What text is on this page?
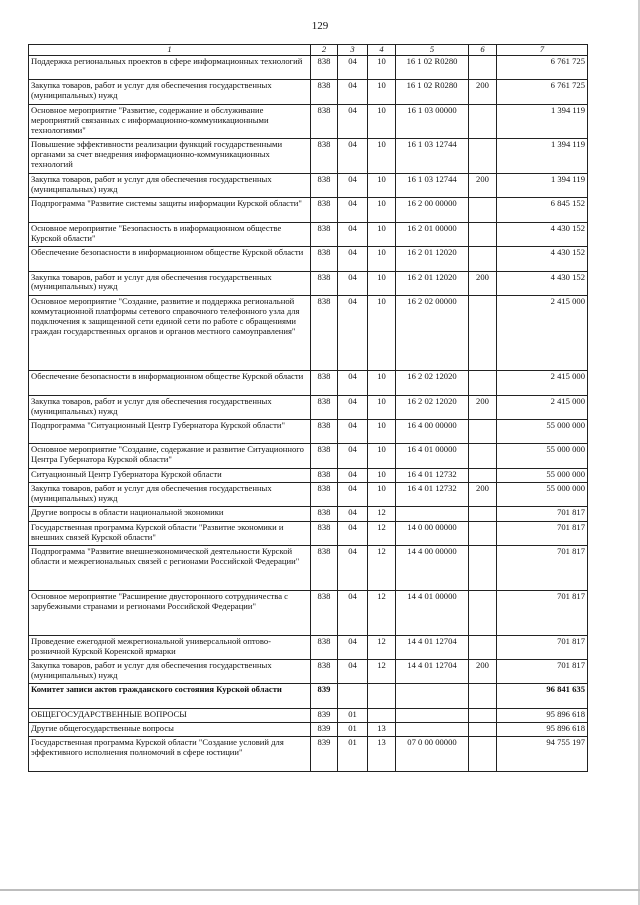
129
1	2	3	4	5	6	7
Поддержка региональных проектов в сфере информационных технологий	838	04	10	16 1 02 R0280		6 761 725
Закупка товаров, работ и услуг для обеспечения государственных (муниципальных) нужд	838	04	10	16 1 02 R0280	200	6 761 725
Основное мероприятие "Развитие, содержание и обслуживание мероприятий связанных с информационно-коммуникационными технологиями"	838	04	10	16 1 03 00000		1 394 119
Повышение эффективности реализации функций государственными органами за счет внедрения информационно-коммуникационных технологий	838	04	10	16 1 03 12744		1 394 119
Закупка товаров, работ и услуг для обеспечения государственных (муниципальных) нужд	838	04	10	16 1 03 12744	200	1 394 119
Подпрограмма "Развитие системы защиты информации Курской области"	838	04	10	16 2 00 00000		6 845 152
Основное мероприятие "Безопасность в информационном обществе Курской области"	838	04	10	16 2 01 00000		4 430 152
Обеспечение безопасности в информационном обществе Курской области	838	04	10	16 2 01 12020		4 430 152
Закупка товаров, работ и услуг для обеспечения государственных (муниципальных) нужд	838	04	10	16 2 01 12020	200	4 430 152
Основное мероприятие "Создание, развитие и поддержка региональной коммутационной платформы сетевого справочного телефонного узла для подключения к защищенной сети единой сети по работе с обращениями граждан государственных органов и органов местного самоуправления"	838	04	10	16 2 02 00000		2 415 000
Обеспечение безопасности в информационном обществе Курской области	838	04	10	16 2 02 12020		2 415 000
Закупка товаров, работ и услуг для обеспечения государственных (муниципальных) нужд	838	04	10	16 2 02 12020	200	2 415 000
Подпрограмма "Ситуационный Центр Губернатора Курской области"	838	04	10	16 4 00 00000		55 000 000
Основное мероприятие "Создание, содержание и развитие Ситуационного Центра Губернатора Курской области"	838	04	10	16 4 01 00000		55 000 000
Ситуационный Центр Губернатора Курской области	838	04	10	16 4 01 12732		55 000 000
Закупка товаров, работ и услуг для обеспечения государственных (муниципальных) нужд	838	04	10	16 4 01 12732	200	55 000 000
Другие вопросы в области национальной экономики	838	04	12			701 817
Государственная программа Курской области "Развитие экономики и внешних связей Курской области"	838	04	12	14 0 00 00000		701 817
Подпрограмма "Развитие внешнеэкономической деятельности Курской области и межрегиональных связей с регионами Российской Федерации"	838	04	12	14 4 00 00000		701 817
Основное мероприятие "Расширение двусторонного сотрудничества с зарубежными странами и регионами Российской Федерации"	838	04	12	14 4 01 00000		701 817
Проведение ежегодной межрегиональной универсальной оптово-розничной Курской Коренской ярмарки	838	04	12	14 4 01 12704		701 817
Закупка товаров, работ и услуг для обеспечения государственных (муниципальных) нужд	838	04	12	14 4 01 12704	200	701 817
Комитет записи актов гражданского состояния Курской области	839					96 841 635
ОБЩЕГОСУДАРСТВЕННЫЕ ВОПРОСЫ	839	01				95 896 618
Другие общегосударственные вопросы	839	01	13			95 896 618
Государственная программа Курской области "Создание условий для эффективного исполнения полномочий в сфере юстиции"	839	01	13	07 0 00 00000		94 755 197
